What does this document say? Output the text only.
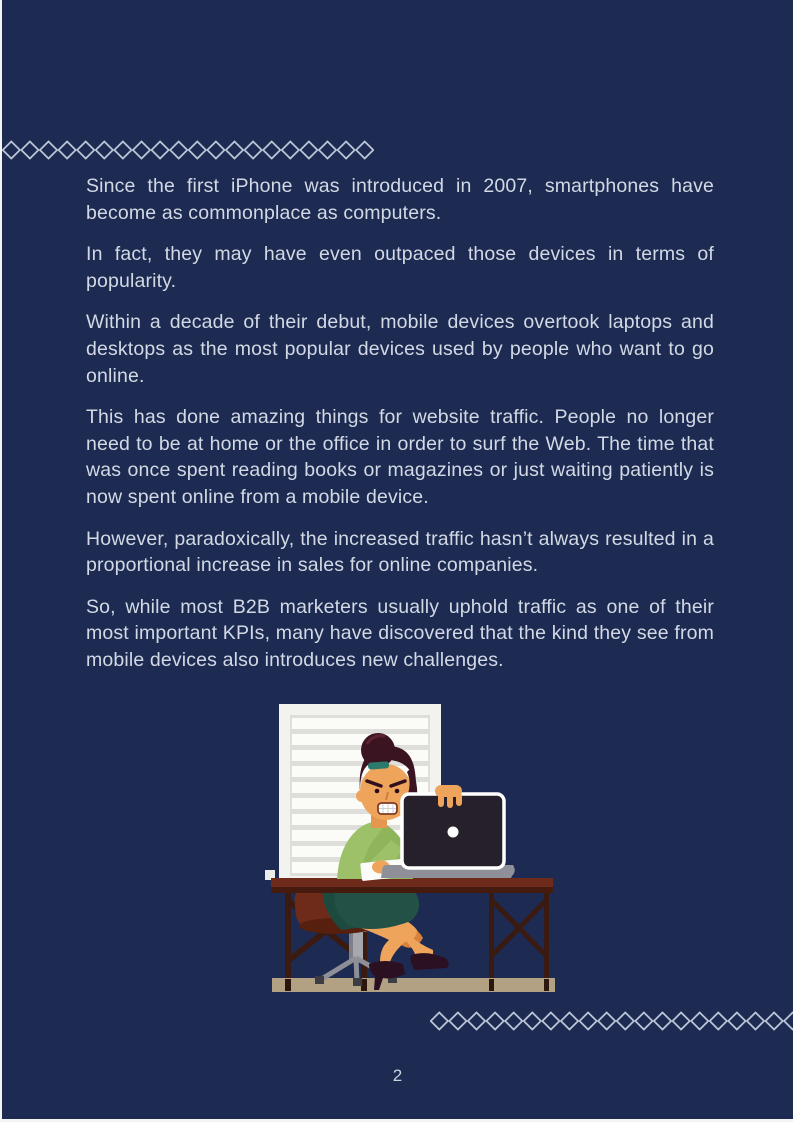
Since the first iPhone was introduced in 2007, smartphones have become as commonplace as computers.

In fact, they may have even outpaced those devices in terms of popularity.

Within a decade of their debut, mobile devices overtook laptops and desktops as the most popular devices used by people who want to go online.

This has done amazing things for website traffic. People no longer need to be at home or the office in order to surf the Web. The time that was once spent reading books or magazines or just waiting patiently is now spent online from a mobile device.

However, paradoxically, the increased traffic hasn’t always resulted in a proportional increase in sales for online companies.

So, while most B2B marketers usually uphold traffic as one of their most important KPIs, many have discovered that the kind they see from mobile devices also introduces new challenges.

2
